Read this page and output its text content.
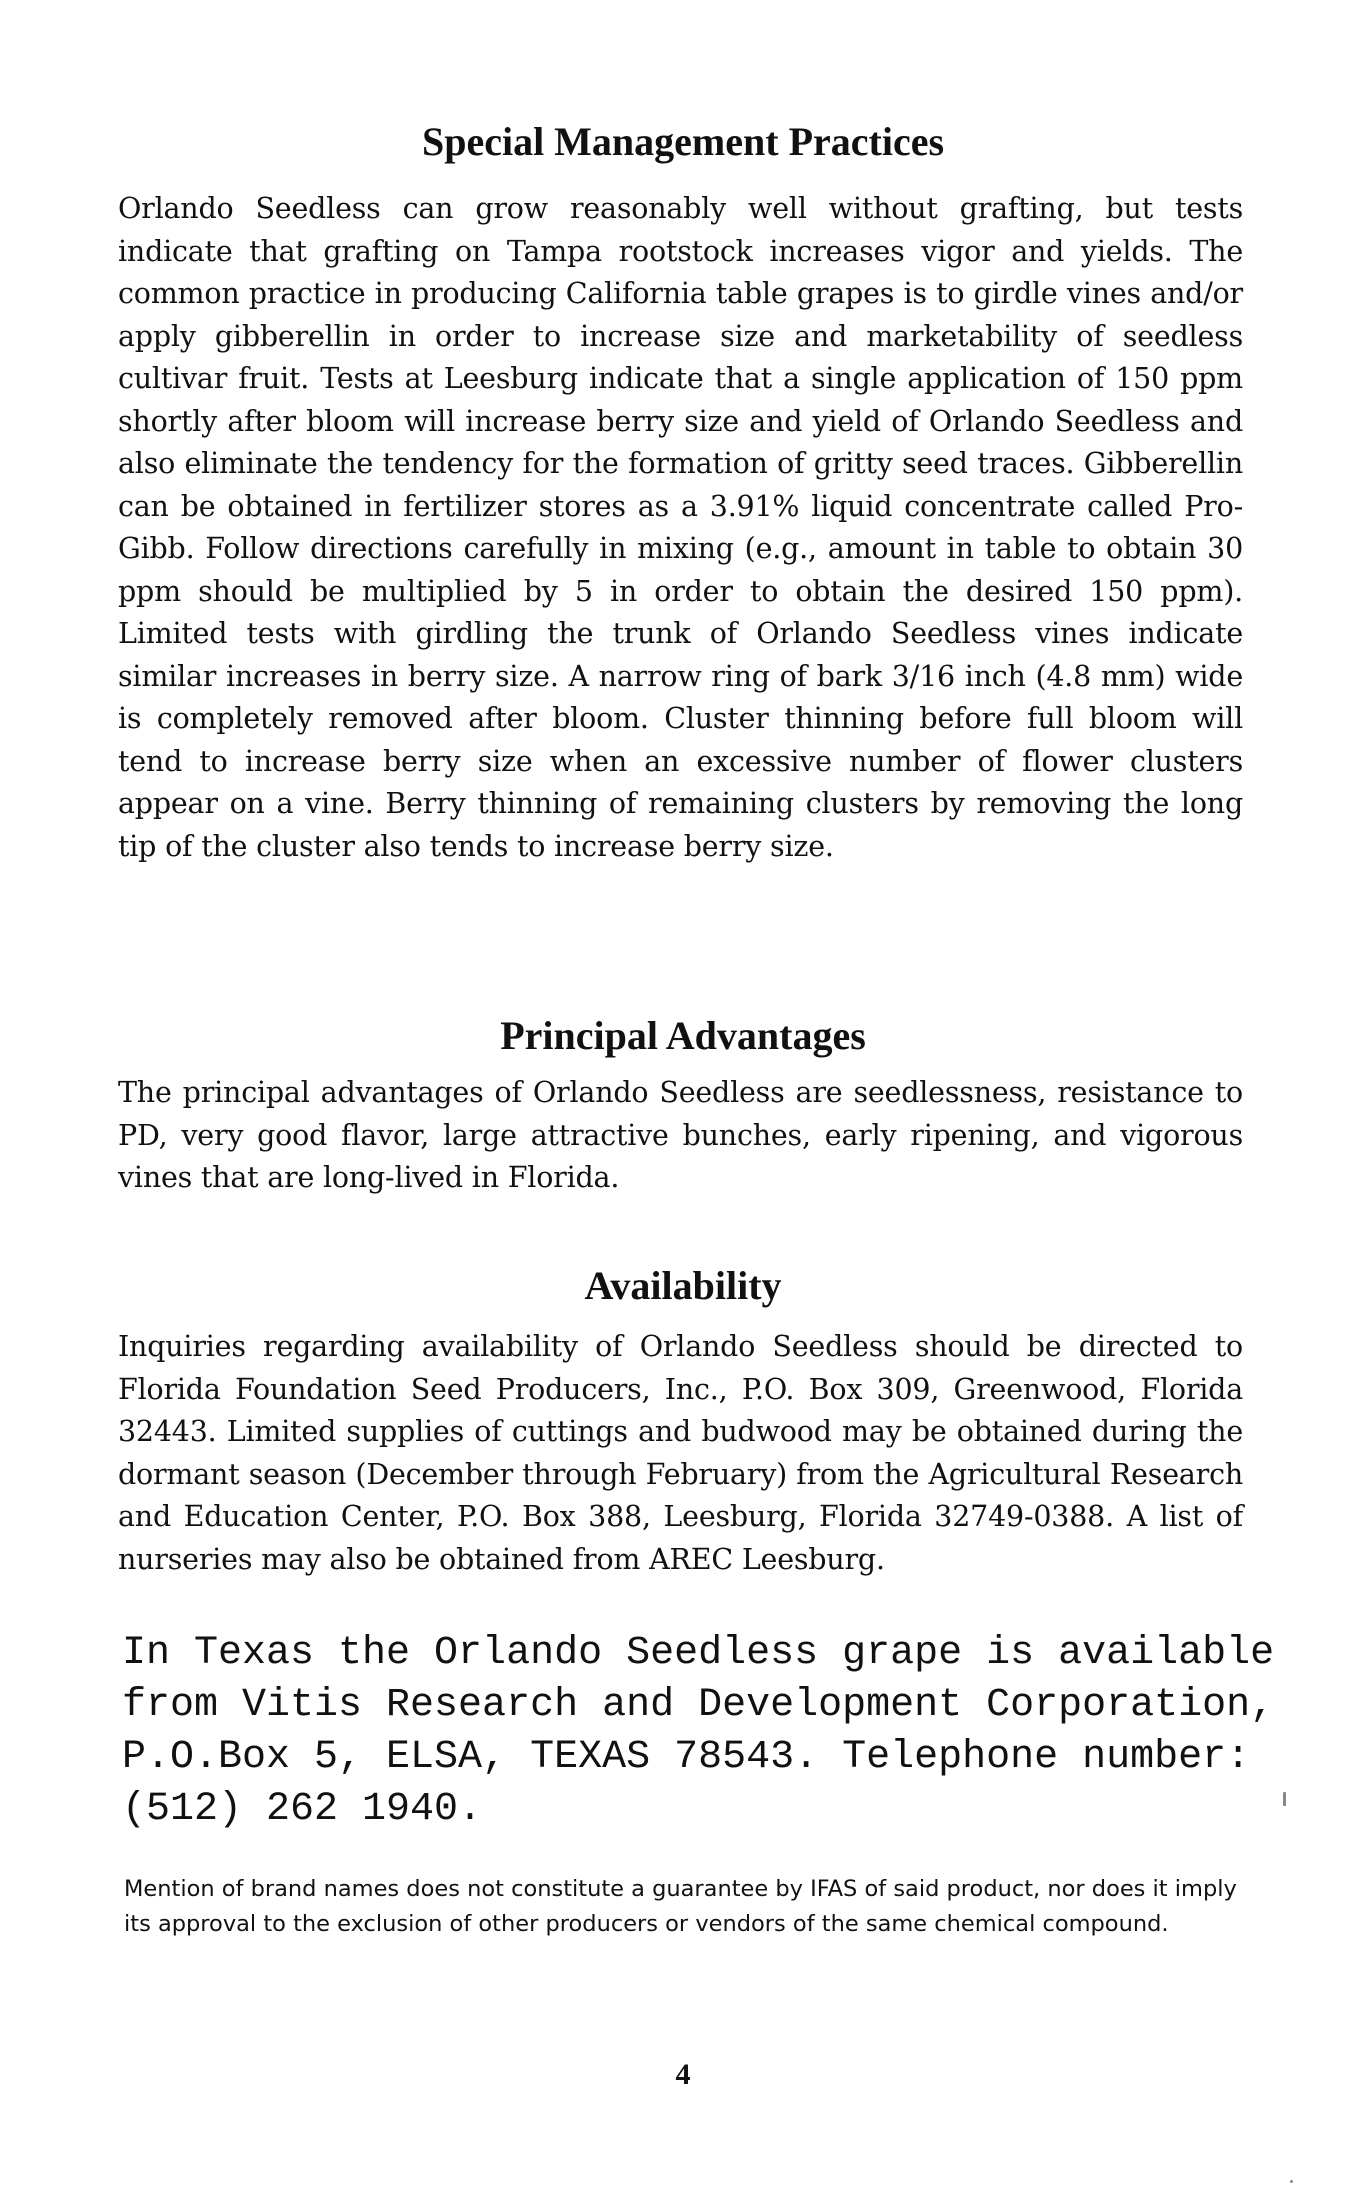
Special Management Practices

Orlando Seedless can grow reasonably well without grafting, but tests indicate that grafting on Tampa rootstock increases vigor and yields. The common practice in producing California table grapes is to girdle vines and/or apply gibberellin in order to increase size and marketability of seedless cultivar fruit. Tests at Leesburg indicate that a single application of 150 ppm shortly after bloom will increase berry size and yield of Orlando Seedless and also eliminate the tendency for the formation of gritty seed traces. Gibberellin can be obtained in fertilizer stores as a 3.91% liquid concentrate called Pro-Gibb. Follow directions carefully in mixing (e.g., amount in table to obtain 30 ppm should be multiplied by 5 in order to obtain the desired 150 ppm). Limited tests with girdling the trunk of Orlando Seedless vines indicate similar increases in berry size. A narrow ring of bark 3/16 inch (4.8 mm) wide is completely removed after bloom. Cluster thinning before full bloom will tend to increase berry size when an excessive number of flower clusters appear on a vine. Berry thinning of remaining clusters by removing the long tip of the cluster also tends to increase berry size.

Principal Advantages

The principal advantages of Orlando Seedless are seedlessness, resistance to PD, very good flavor, large attractive bunches, early ripening, and vigorous vines that are long-lived in Florida.

Availability

Inquiries regarding availability of Orlando Seedless should be directed to Florida Foundation Seed Producers, Inc., P.O. Box 309, Greenwood, Florida 32443. Limited supplies of cuttings and budwood may be obtained during the dormant season (December through February) from the Agricultural Research and Education Center, P.O. Box 388, Leesburg, Florida 32749-0388. A list of nurseries may also be obtained from AREC Leesburg.

In Texas the Orlando Seedless grape is available
from Vitis Research and Development Corporation,
P.O.Box 5, ELSA, TEXAS 78543. Telephone number:
(512) 262 1940.

Mention of brand names does not constitute a guarantee by IFAS of said product, nor does it imply its approval to the exclusion of other producers or vendors of the same chemical compound.

4
